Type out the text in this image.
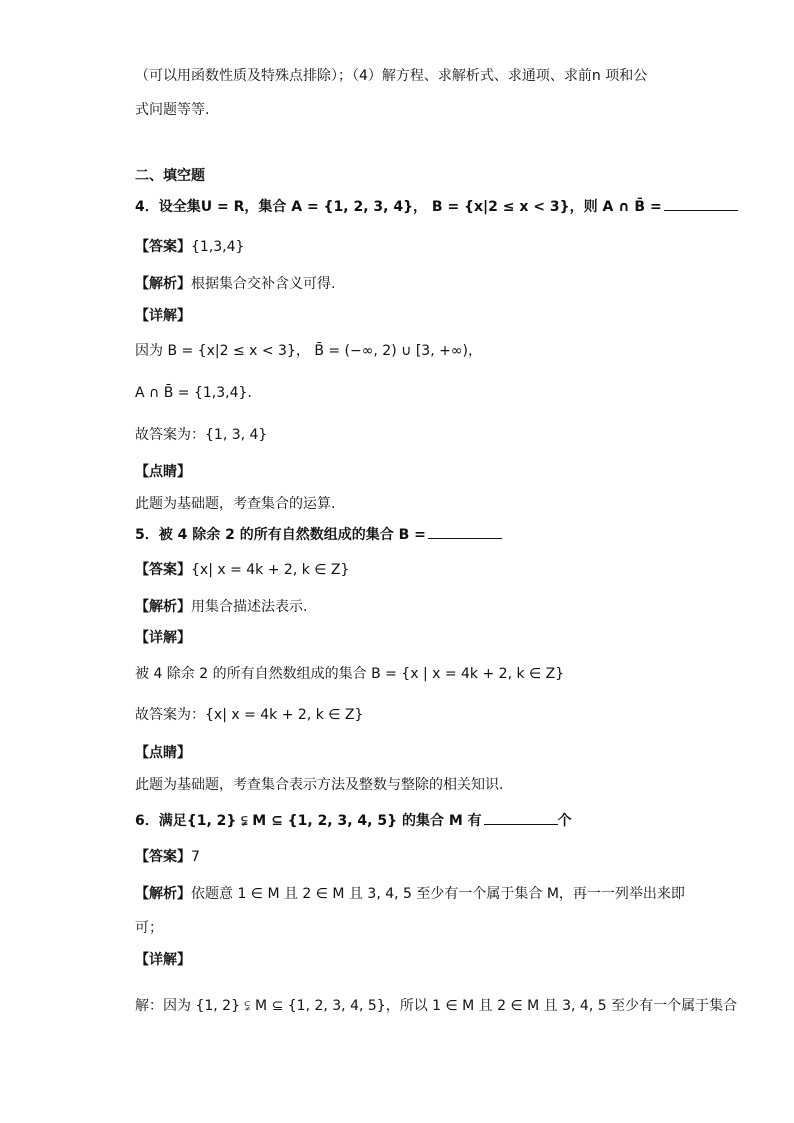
（可以用函数性质及特殊点排除）；（4）解方程、求解析式、求通项、求前n 项和公
式问题等等.
二、填空题
4．设全集U = R，集合 A = {1, 2, 3, 4}， B = {x|2 ≤ x < 3}，则 A ∩ B̄ =
【答案】{1,3,4}
【解析】根据集合交补含义可得.
【详解】
因为 B = {x|2 ≤ x < 3}， B̄ = (−∞, 2) ∪ [3, +∞)，
A ∩ B̄ = {1,3,4}.
故答案为：{1, 3, 4}
【点睛】
此题为基础题，考查集合的运算.
5．被 4 除余 2 的所有自然数组成的集合 B =
【答案】{x| x = 4k + 2, k ∈ Z}
【解析】用集合描述法表示.
【详解】
被 4 除余 2 的所有自然数组成的集合 B = {x | x = 4k + 2, k ∈ Z}
故答案为：{x| x = 4k + 2, k ∈ Z}
【点睛】
此题为基础题，考查集合表示方法及整数与整除的相关知识.
6．满足{1, 2} ⫋ M ⊆ {1, 2, 3, 4, 5} 的集合 M 有	个
【答案】7
【解析】依题意 1 ∈ M 且 2 ∈ M 且 3, 4, 5 至少有一个属于集合 M，再一一列举出来即
可；
【详解】
解：因为 {1, 2} ⫋ M ⊆ {1, 2, 3, 4, 5}，所以 1 ∈ M 且 2 ∈ M 且 3, 4, 5 至少有一个属于集合
